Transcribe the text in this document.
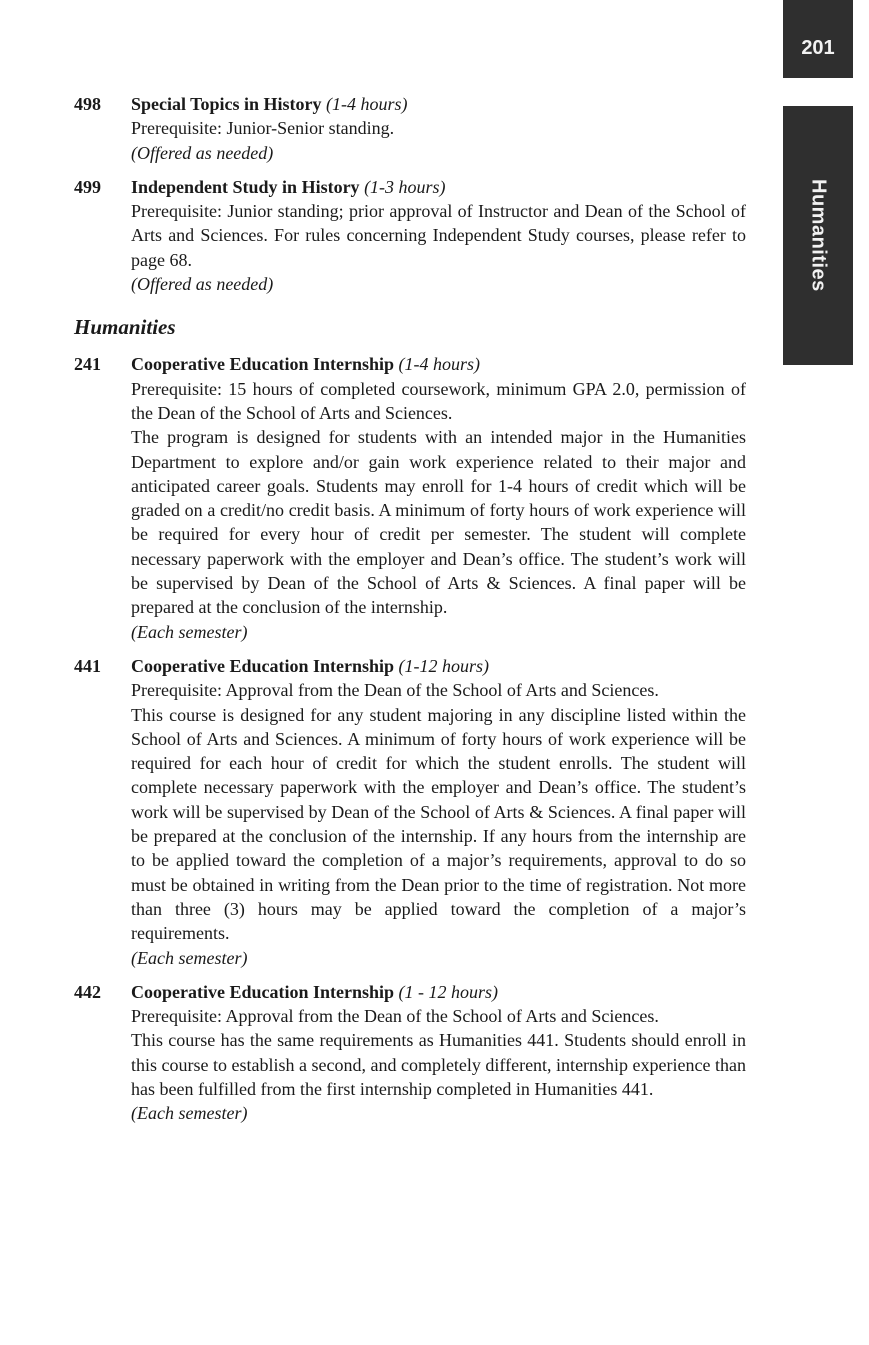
201
Humanities
498	Special Topics in History (1-4 hours)
Prerequisite: Junior-Senior standing.
(Offered as needed)
499	Independent Study in History (1-3 hours)
Prerequisite: Junior standing; prior approval of Instructor and Dean of the School of Arts and Sciences. For rules concerning Independent Study courses, please refer to page 68.
(Offered as needed)
Humanities
241	Cooperative Education Internship (1-4 hours)
Prerequisite: 15 hours of completed coursework, minimum GPA 2.0, permission of the Dean of the School of Arts and Sciences.
The program is designed for students with an intended major in the Humanities Department to explore and/or gain work experience related to their major and anticipated career goals. Students may enroll for 1-4 hours of credit which will be graded on a credit/no credit basis. A minimum of forty hours of work experience will be required for every hour of credit per semester. The student will complete necessary paperwork with the employer and Dean’s office. The student’s work will be supervised by Dean of the School of Arts & Sciences. A final paper will be prepared at the conclusion of the internship.
(Each semester)
441	Cooperative Education Internship (1-12 hours)
Prerequisite: Approval from the Dean of the School of Arts and Sciences.
This course is designed for any student majoring in any discipline listed within the School of Arts and Sciences. A minimum of forty hours of work experience will be required for each hour of credit for which the student enrolls. The student will complete necessary paperwork with the employer and Dean’s office. The student’s work will be supervised by Dean of the School of Arts & Sciences. A final paper will be prepared at the conclusion of the internship. If any hours from the internship are to be applied toward the completion of a major’s requirements, approval to do so must be obtained in writing from the Dean prior to the time of registration. Not more than three (3) hours may be applied toward the completion of a major’s requirements.
(Each semester)
442	Cooperative Education Internship (1 - 12 hours)
Prerequisite: Approval from the Dean of the School of Arts and Sciences.
This course has the same requirements as Humanities 441. Students should enroll in this course to establish a second, and completely different, internship experience than has been fulfilled from the first internship completed in Humanities 441.
(Each semester)
